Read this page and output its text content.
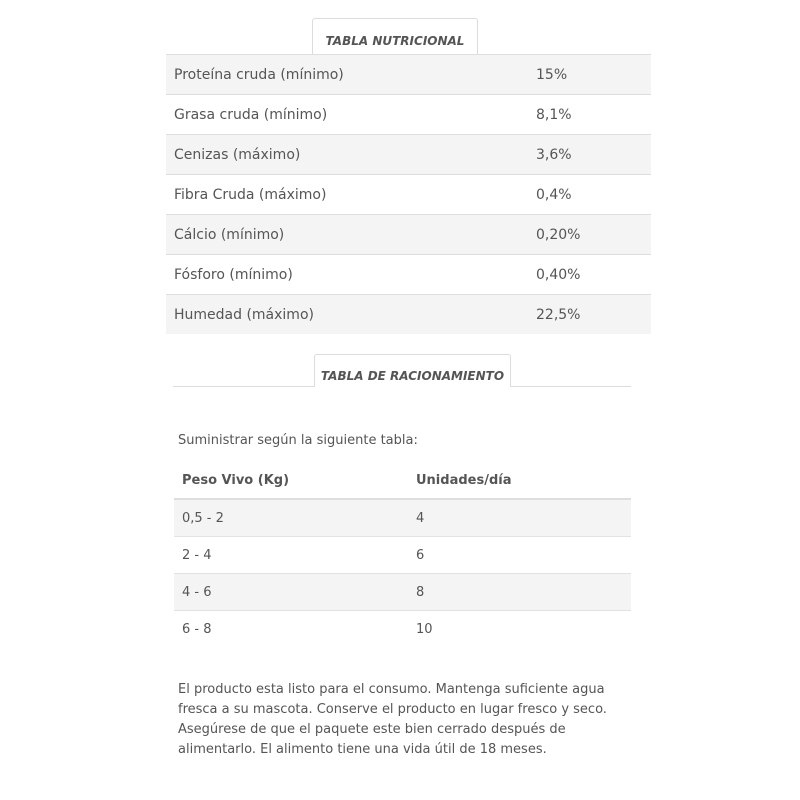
TABLA NUTRICIONAL
Proteína cruda (mínimo)	15%
Grasa cruda (mínimo)	8,1%
Cenizas (máximo)	3,6%
Fibra Cruda (máximo)	0,4%
Cálcio (mínimo)	0,20%
Fósforo (mínimo)	0,40%
Humedad (máximo)	22,5%
TABLA DE RACIONAMIENTO
Suministrar según la siguiente tabla:
Peso Vivo (Kg)	Unidades/día
0,5 - 2	4
2 - 4	6
4 - 6	8
6 - 8	10

El producto esta listo para el consumo. Mantenga suficiente agua fresca a su mascota. Conserve el producto en lugar fresco y seco. Asegúrese de que el paquete este bien cerrado después de alimentarlo. El alimento tiene una vida útil de 18 meses.
